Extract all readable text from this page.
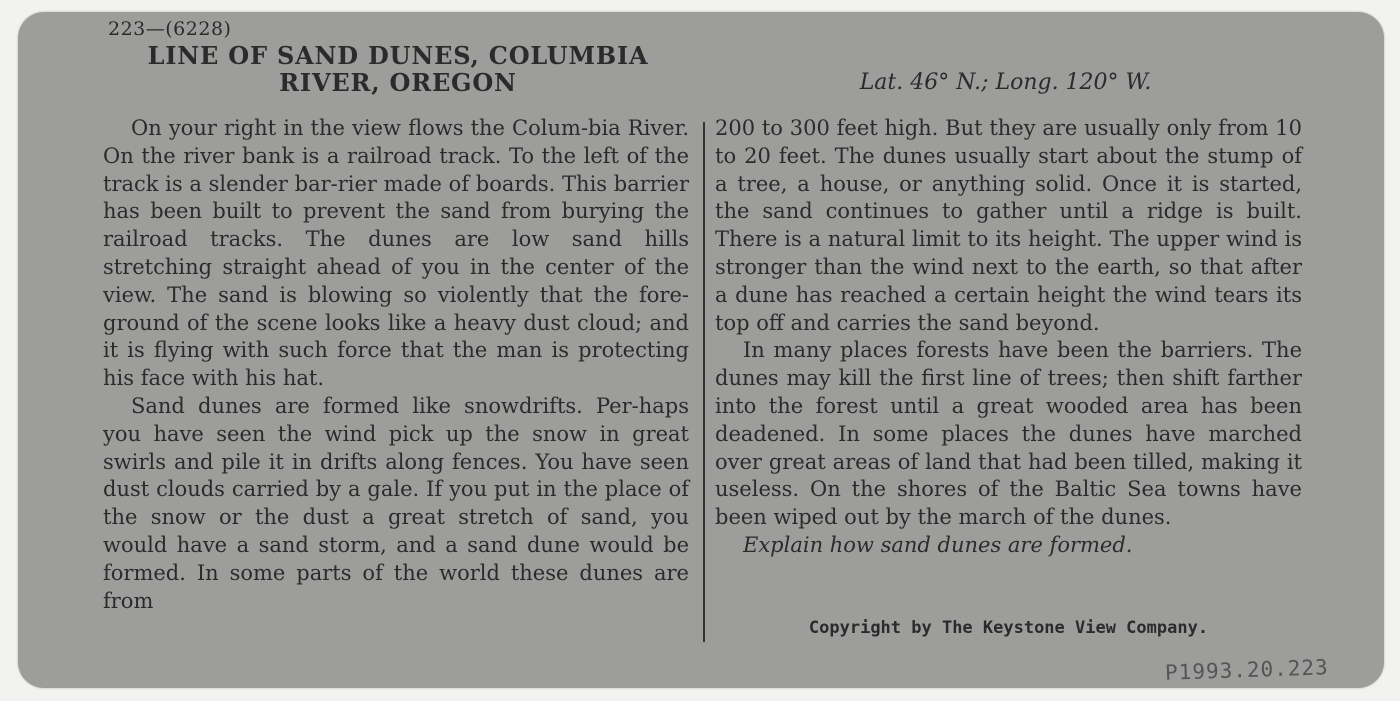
223—(6228)
LINE OF SAND DUNES, COLUMBIA
RIVER, OREGON	Lat. 46° N.; Long. 120° W.

On your right in the view flows the Colum-bia River. On the river bank is a railroad track. To the left of the track is a slender bar-rier made of boards. This barrier has been built to prevent the sand from burying the railroad tracks. The dunes are low sand hills stretching straight ahead of you in the center of the view. The sand is blowing so violently that the fore-ground of the scene looks like a heavy dust cloud; and it is flying with such force that the man is protecting his face with his hat.

Sand dunes are formed like snowdrifts. Per-haps you have seen the wind pick up the snow in great swirls and pile it in drifts along fences. You have seen dust clouds carried by a gale. If you put in the place of the snow or the dust a great stretch of sand, you would have a sand storm, and a sand dune would be formed. In some parts of the world these dunes are from

200 to 300 feet high. But they are usually only from 10 to 20 feet. The dunes usually start about the stump of a tree, a house, or anything solid. Once it is started, the sand continues to gather until a ridge is built. There is a natural limit to its height. The upper wind is stronger than the wind next to the earth, so that after a dune has reached a certain height the wind tears its top off and carries the sand beyond.

In many places forests have been the barriers. The dunes may kill the first line of trees; then shift farther into the forest until a great wooded area has been deadened. In some places the dunes have marched over great areas of land that had been tilled, making it useless. On the shores of the Baltic Sea towns have been wiped out by the march of the dunes.

Explain how sand dunes are formed.

Copyright by The Keystone View Company.
P1993.20.223
